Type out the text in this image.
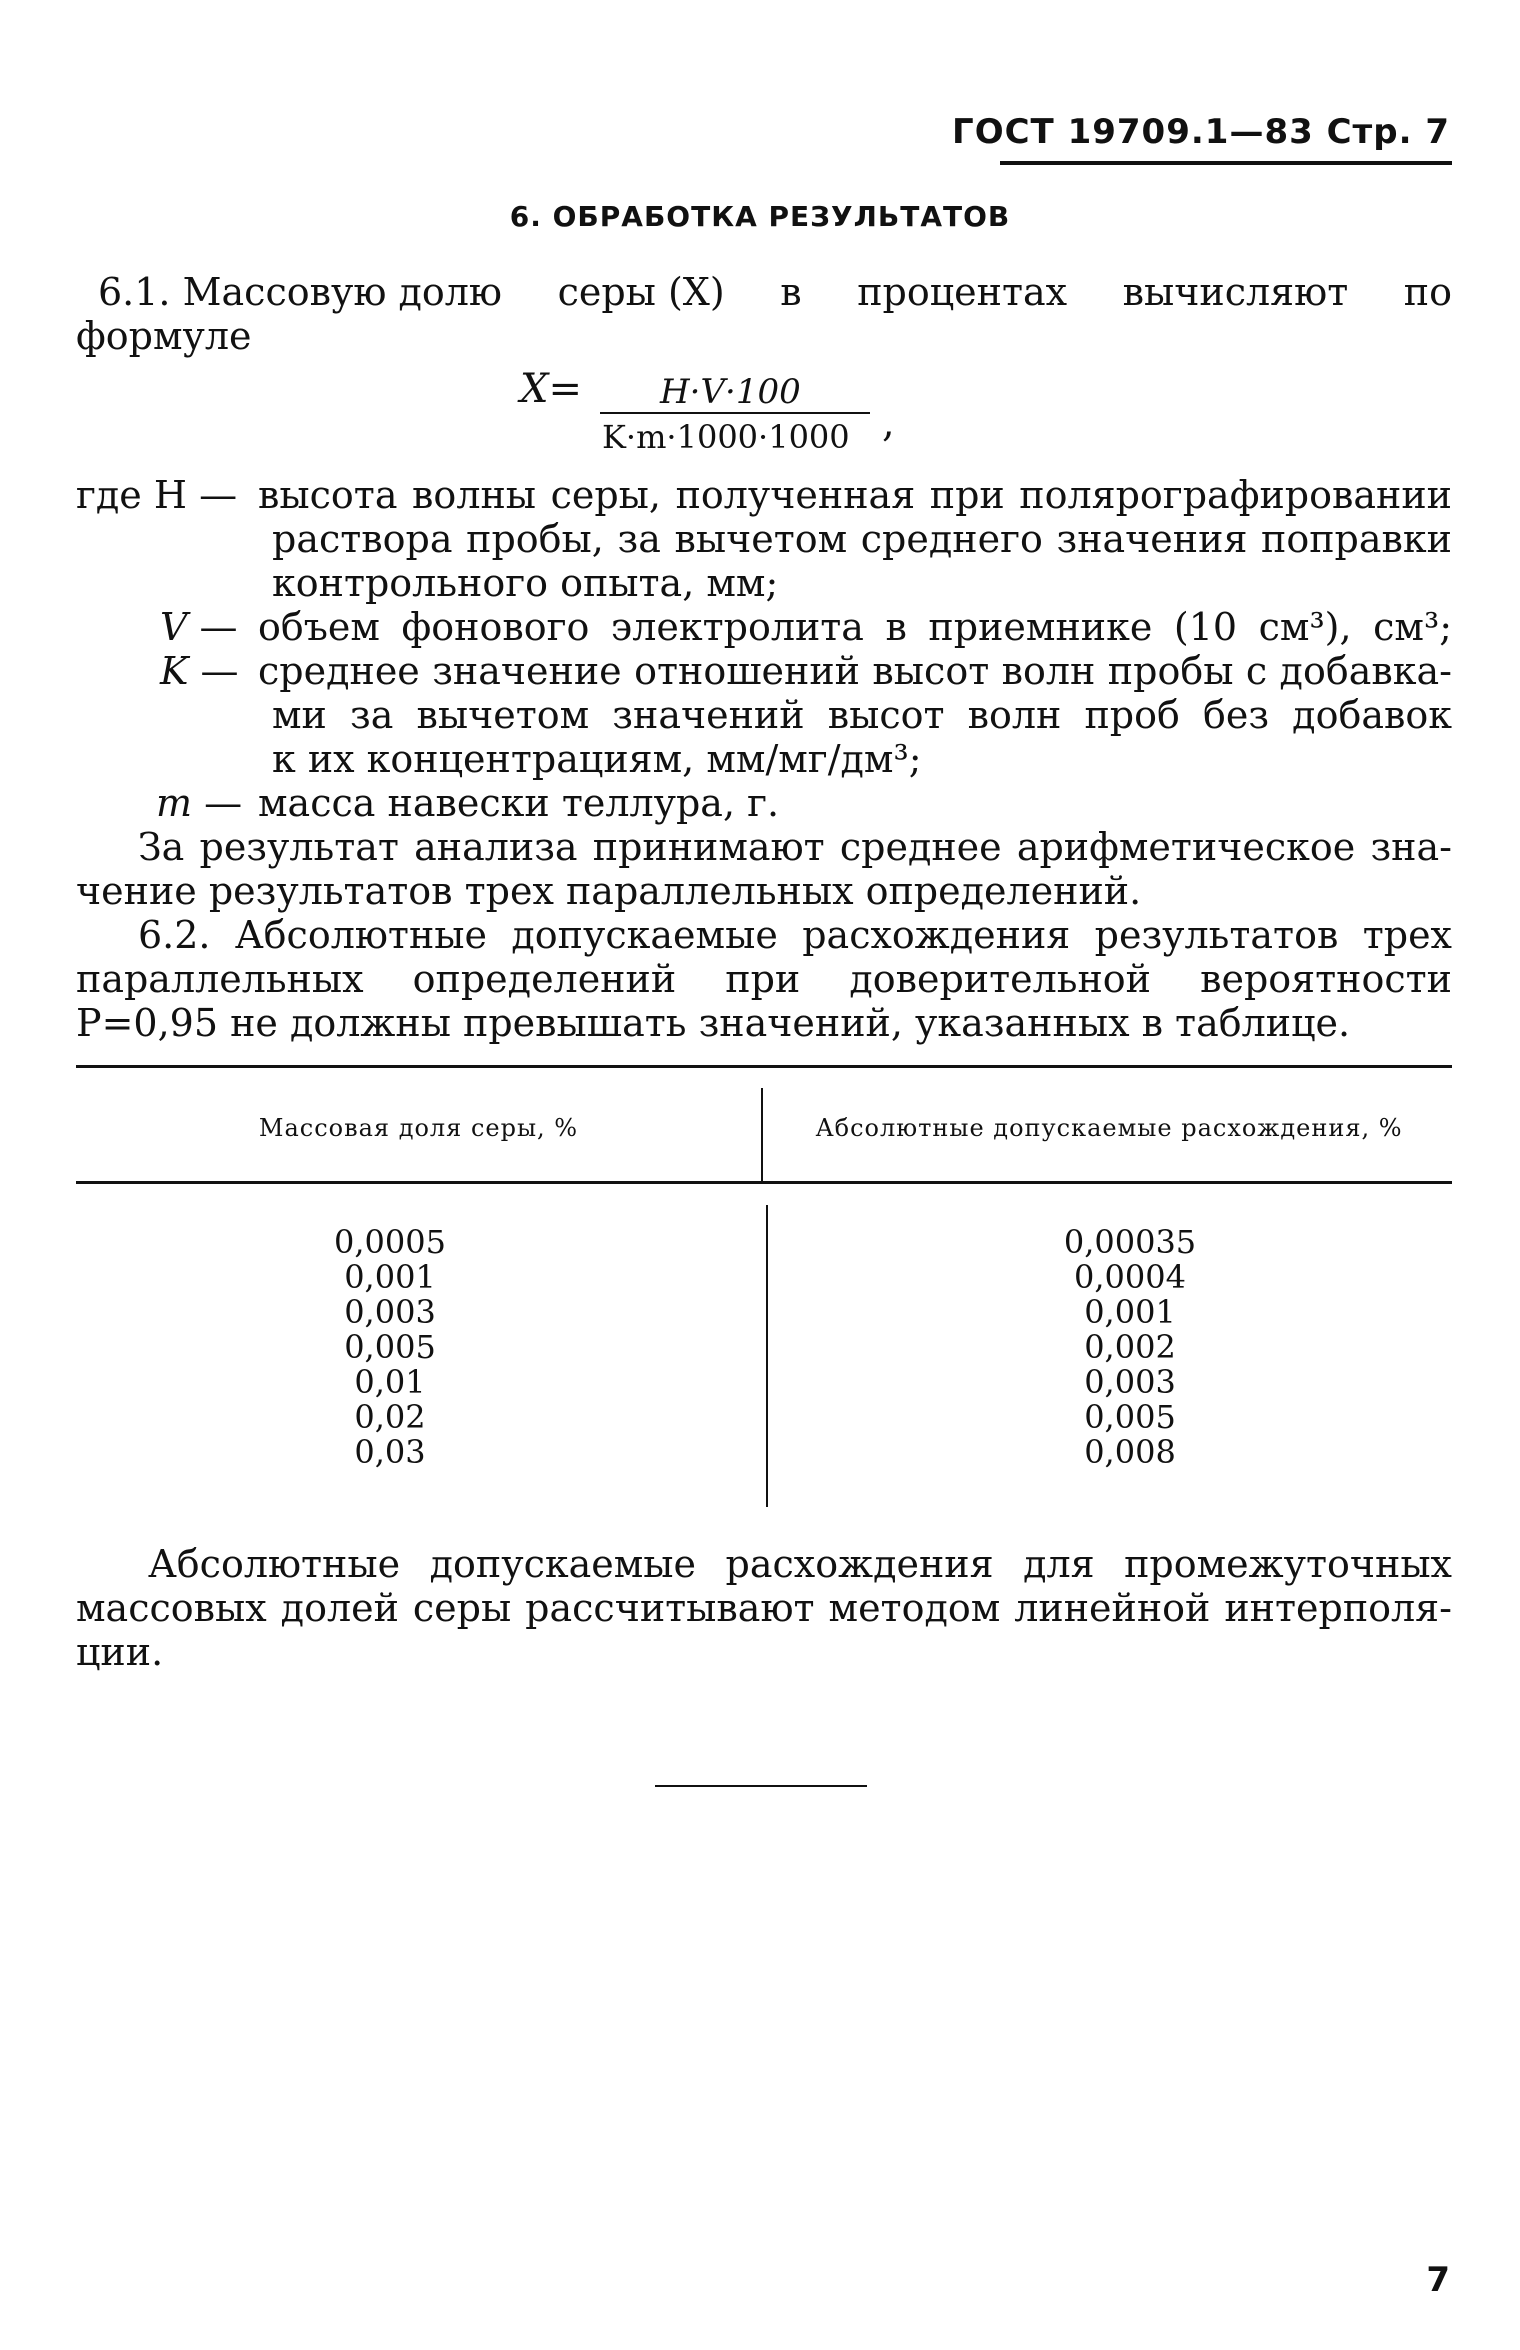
ГОСТ 19709.1—83 Стр. 7
6. ОБРАБОТКА РЕЗУЛЬТАТОВ
6.1. Массовую долю серы (X) в процентах вычисляют по
формуле
X= H·V·100
K·m·1000·1000 ,
где H — высота волны серы, полученная при полярографировании
раствора пробы, за вычетом среднего значения поправки
контрольного опыта, мм;
V — объем фонового электролита в приемнике (10 см³), см³;
K — среднее значение отношений высот волн пробы с добавка-
ми за вычетом значений высот волн проб без добавок
к их концентрациям, мм/мг/дм³;
m — масса навески теллура, г.
За результат анализа принимают среднее арифметическое зна-
чение результатов трех параллельных определений.
6.2. Абсолютные допускаемые расхождения результатов трех
параллельных определений при доверительной вероятности
P=0,95 не должны превышать значений, указанных в таблице.
Массовая доля серы, %	Абсолютные допускаемые расхождения, %
0,0005
0,001
0,003
0,005
0,01
0,02
0,03
0,00035
0,0004
0,001
0,002
0,003
0,005
0,008
Абсолютные допускаемые расхождения для промежуточных
массовых долей серы рассчитывают методом линейной интерполя-
ции.
7
